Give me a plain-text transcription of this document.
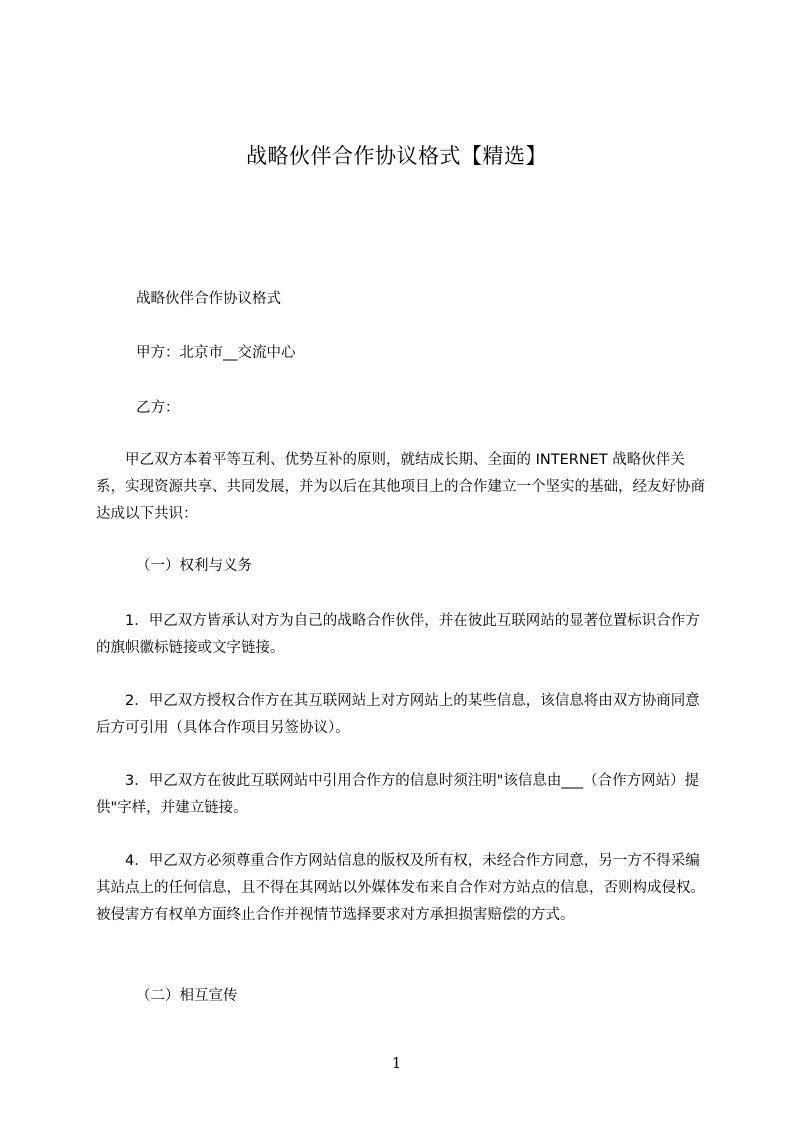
战略伙伴合作协议格式【精选】
战略伙伴合作协议格式
甲方：北京市__交流中心
乙方：
甲乙双方本着平等互利、优势互补的原则，就结成长期、全面的 INTERNET 战略伙伴关系，实现资源共享、共同发展，并为以后在其他项目上的合作建立一个坚实的基础，经友好协商达成以下共识：
（一）权利与义务
1．甲乙双方皆承认对方为自己的战略合作伙伴，并在彼此互联网站的显著位置标识合作方的旗帜徽标链接或文字链接。
2．甲乙双方授权合作方在其互联网站上对方网站上的某些信息，该信息将由双方协商同意后方可引用（具体合作项目另签协议）。
3．甲乙双方在彼此互联网站中引用合作方的信息时须注明"该信息由___（合作方网站）提供"字样，并建立链接。
4．甲乙双方必须尊重合作方网站信息的版权及所有权，未经合作方同意，另一方不得采编其站点上的任何信息，且不得在其网站以外媒体发布来自合作对方站点的信息，否则构成侵权。被侵害方有权单方面终止合作并视情节选择要求对方承担损害赔偿的方式。
（二）相互宣传
1
